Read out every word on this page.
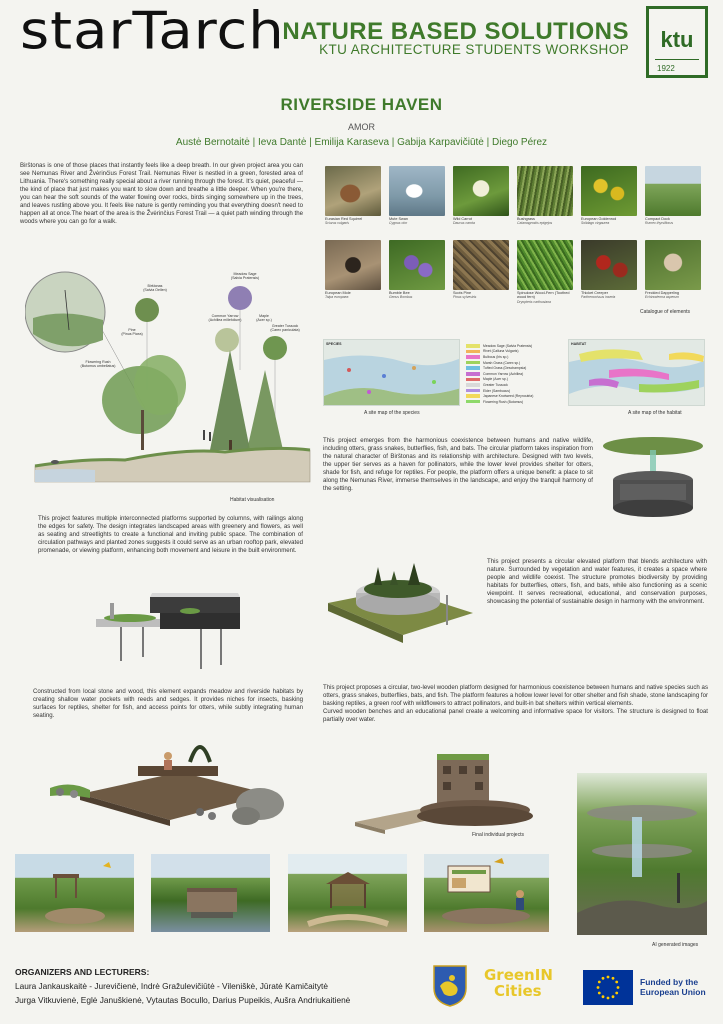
starTarch
NATURE BASED SOLUTIONS
KTU ARCHITECTURE STUDENTS WORKSHOP	ktu
1922
RIVERSIDE HAVEN
AMOR
Austė Bernotaitė | Ieva Dantė | Emilija Karaseva | Gabija Karpavičiūtė | Diego Pérez
Birštonas is one of those places that instantly feels like a deep breath. In our given project area you can see Nemunas River and Žvėrinčius Forest Trail. Nemunas River is nestled in a green, forested area of Lithuania. There's something really special about a river running through the forest. It's quiet, peaceful — the kind of place that just makes you want to slow down and breathe a little deeper. When you're there, you can hear the soft sounds of the water flowing over rocks, birds singing somewhere up in the trees, and leaves rustling above you. It feels like nature is gently reminding you that everything doesn't need to happen all at once.The heart of the area is the Žvėrinčius Forest Trail — a quiet path winding through the woods where you can go for a walk.	Eurasian Red Squirrel
Sciurus vulgaris
Mute Swan
Cygnus olor
Wild Carrot
Daucus carota
Bushgrass
Calamagrostis epigejos
European Goldenrod
Solidago virgaurea
Compact Dock
Rumex thyrsiflorus
European Mole
Talpa europaea
Bumble Bee
Genus Bombus
Scots Pine
Pinus sylvestris
Spinulose Wood-Fern (Toothed wood fern)
Dryopteris carthusiana
Thicket Creeper
Parthenocissus inserta
Freckled Dapperling
Echinoderma asperum
Catalogue of elements
Birštonas
(Salvia Oellen)
Meadow Sage
(Salvia Pratensis)
Pine
(Pinus Picea)
Common Yarrow
(Achillea millefolium)
Maple
(Acer sp.)
Flowering Rush
(Butomus umbellatus)
Greater Tussock
(Carex paniculata)
Habitat visualisation
SPECIES	Meadow Sage (Salvia Pratensis)
Rivet (Calluna Vulgaris)
Bulbous (Iris sp.)
Marsh Grass (Carex sp.)
Tufted Grass (Deschampsia)
Common Yarrow (Achillea)
Maple (Acer sp.)
Greater Tussock
Elder (Sambucus)
Japanese Knotweed (Reynoutria)
Flowering Rush (Butomus)
HABITAT
A site map of the species	A site map of the habitat
This project emerges from the harmonious coexistence between humans and native wildlife, including otters, grass snakes, butterflies, fish, and bats. The circular platform takes inspiration from the natural character of Birštonas and its relationship with architecture. Designed with two levels, the upper tier serves as a haven for pollinators, while the lower level provides shelter for otters, shade for fish, and refuge for reptiles. For people, the platform offers a unique benefit: a place to sit along the Nemunas River, immerse themselves in the landscape, and enjoy the tranquil harmony of the setting.
This project features multiple interconnected platforms supported by columns, with railings along the edges for safety. The design integrates landscaped areas with greenery and flowers, as well as seating and streetlights to create a functional and inviting public space. The combination of circulation pathways and planted zones suggests it could serve as an urban rooftop park, elevated promenade, or viewing platform, enhancing both movement and leisure in the built environment.
This project presents a circular elevated platform that blends architecture with nature. Surrounded by vegetation and water features, it creates a space where people and wildlife coexist. The structure promotes biodiversity by providing habitats for butterflies, otters, fish, and bats, while also functioning as a scenic viewpoint. It serves recreational, educational, and conservation purposes, showcasing the potential of sustainable design in harmony with the environment.
Constructed from local stone and wood, this element expands meadow and riverside habitats by creating shallow water pockets with reeds and sedges. It provides niches for insects, basking surfaces for reptiles, shelter for fish, and access points for otters, while subtly integrating human seating.
This project proposes a circular, two-level wooden platform designed for harmonious coexistence between humans and native species such as otters, grass snakes, butterflies, bats, and fish. The platform features a hollow lower level for otter shelter and fish shade, stone landscaping for basking reptiles, a green roof with wildflowers to attract pollinators, and built-in bat shelters within vertical elements.
Curved wooden benches and an educational panel create a welcoming and informative space for visitors. The structure is designed to float partially over water.
Final individual projects
AI generated images
ORGANIZERS AND LECTURERS:
Laura Jankauskaitė - Jurevičienė, Indrė Gražulevičiūtė - Vileniškė, Jūratė Kamičaitytė
Jurga Vitkuvienė, Eglė Januškienė, Vytautas Bocullo, Darius Pupeikis, Aušra Andriukaitienė
GreenIN
Cities	Funded by the
European Union
